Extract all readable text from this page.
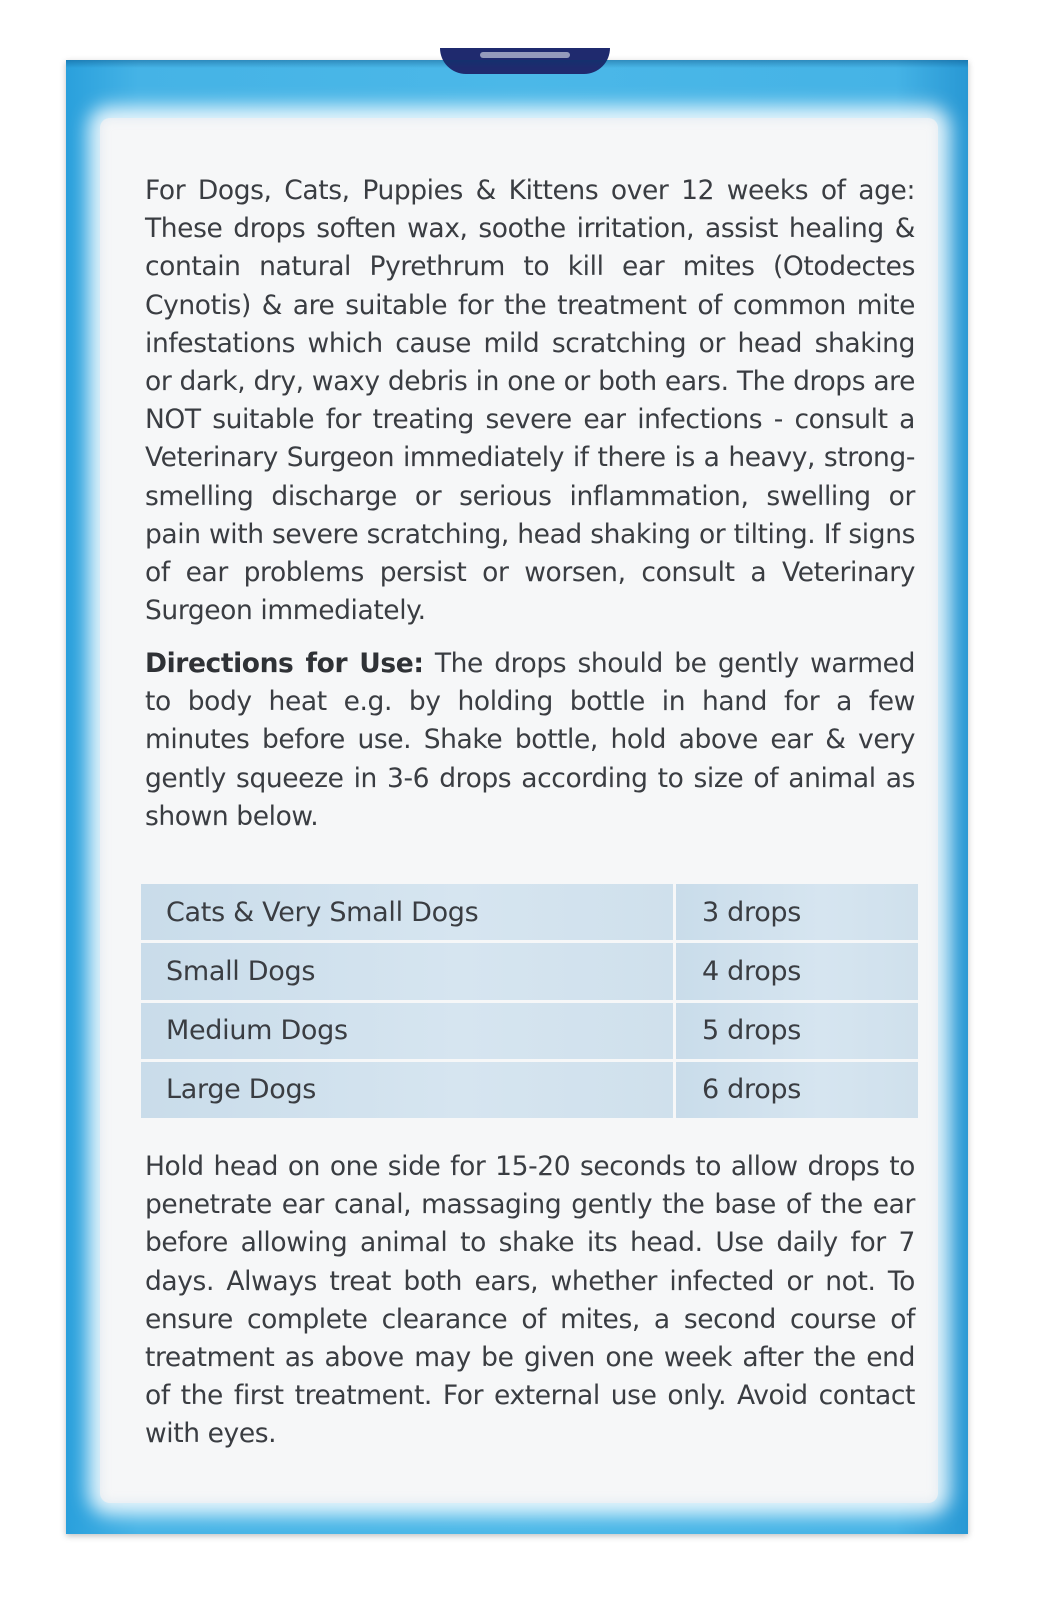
For Dogs, Cats, Puppies & Kittens over 12 weeks of age: These drops soften wax, soothe irritation, assist healing & contain natural Pyrethrum to kill ear mites (Otodectes Cynotis) & are suitable for the treatment of common mite infestations which cause mild scratching or head shaking or dark, dry, waxy debris in one or both ears. The drops are NOT suitable for treating severe ear infections - consult a Veterinary Surgeon immediately if there is a heavy, strong-smelling discharge or serious inflammation, swelling or pain with severe scratching, head shaking or tilting. If signs of ear problems persist or worsen, consult a Veterinary Surgeon immediately.

Directions for Use: The drops should be gently warmed to body heat e.g. by holding bottle in hand for a few minutes before use. Shake bottle, hold above ear & very gently squeeze in 3-6 drops according to size of animal as shown below.

Cats & Very Small Dogs	3 drops
Small Dogs	4 drops
Medium Dogs	5 drops
Large Dogs	6 drops

Hold head on one side for 15-20 seconds to allow drops to penetrate ear canal, massaging gently the base of the ear before allowing animal to shake its head. Use daily for 7 days. Always treat both ears, whether infected or not. To ensure complete clearance of mites, a second course of treatment as above may be given one week after the end of the first treatment. For external use only. Avoid contact with eyes.
